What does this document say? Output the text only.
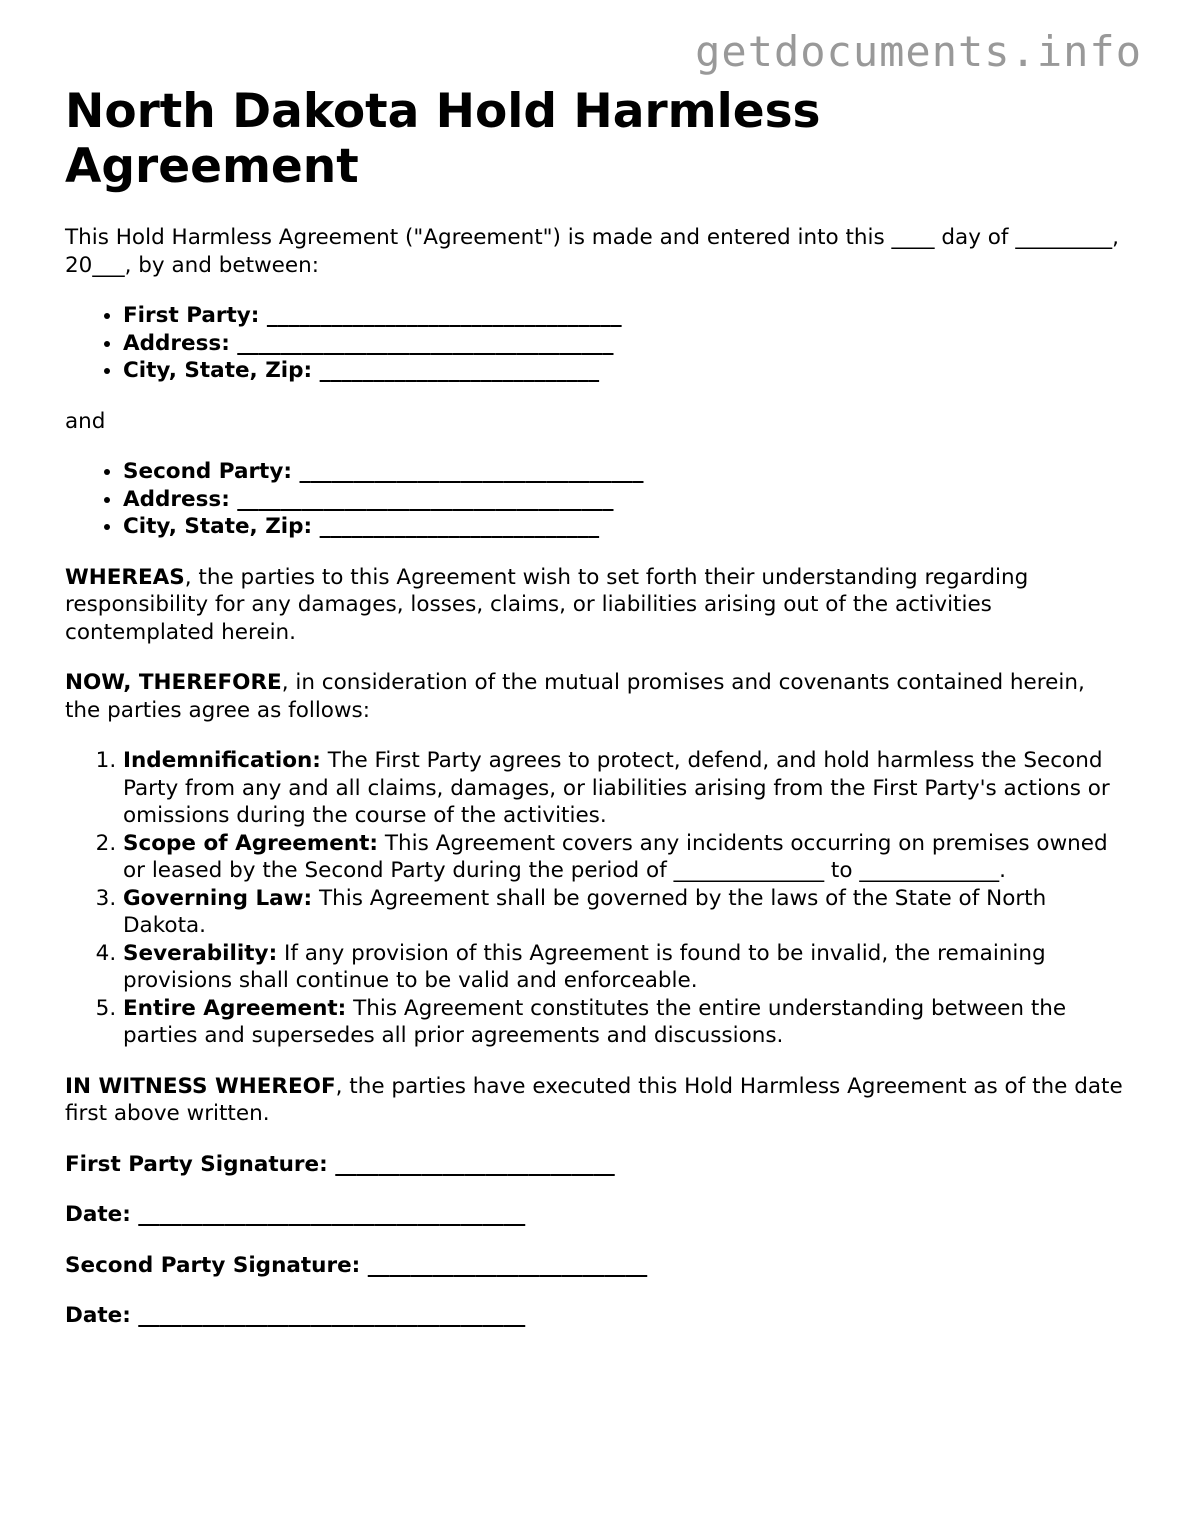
getdocuments.info

North Dakota Hold Harmless Agreement

This Hold Harmless Agreement ("Agreement") is made and entered into this ____ day of _________, 20___, by and between:

• First Party: _________________________________
• Address: ___________________________________
• City, State, Zip: __________________________

and

• Second Party: ________________________________
• Address: ___________________________________
• City, State, Zip: __________________________

WHEREAS, the parties to this Agreement wish to set forth their understanding regarding responsibility for any damages, losses, claims, or liabilities arising out of the activities contemplated herein.

NOW, THEREFORE, in consideration of the mutual promises and covenants contained herein, the parties agree as follows:

1. Indemnification: The First Party agrees to protect, defend, and hold harmless the Second Party from any and all claims, damages, or liabilities arising from the First Party's actions or omissions during the course of the activities.
2. Scope of Agreement: This Agreement covers any incidents occurring on premises owned or leased by the Second Party during the period of ______________ to _____________.
3. Governing Law: This Agreement shall be governed by the laws of the State of North Dakota.
4. Severability: If any provision of this Agreement is found to be invalid, the remaining provisions shall continue to be valid and enforceable.
5. Entire Agreement: This Agreement constitutes the entire understanding between the parties and supersedes all prior agreements and discussions.

IN WITNESS WHEREOF, the parties have executed this Hold Harmless Agreement as of the date first above written.

First Party Signature: __________________________

Date: ____________________________________

Second Party Signature: __________________________

Date: ____________________________________
